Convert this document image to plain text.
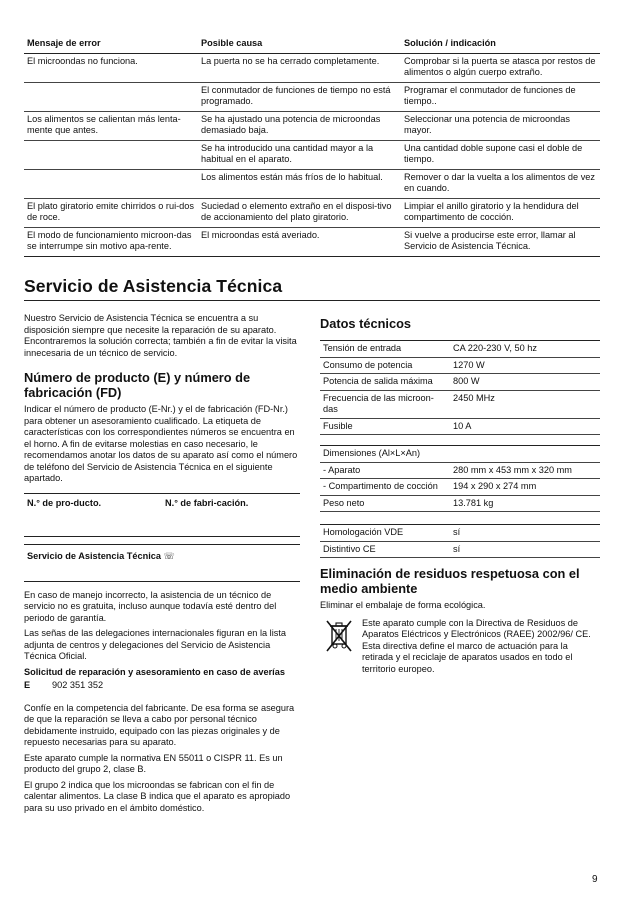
Mensaje de error	Posible causa	Solución / indicación
El microondas no funciona.	La puerta no se ha cerrado completamente.	Comprobar si la puerta se atasca por restos de alimentos o algún cuerpo extraño.
	El conmutador de funciones de tiempo no está programado.	Programar el conmutador de funciones de tiempo..
Los alimentos se calientan más lenta-mente que antes.	Se ha ajustado una potencia de microondas demasiado baja.	Seleccionar una potencia de microondas mayor.
	Se ha introducido una cantidad mayor a la habitual en el aparato.	Una cantidad doble supone casi el doble de tiempo.
	Los alimentos están más fríos de lo habitual.	Remover o dar la vuelta a los alimentos de vez en cuando.
El plato giratorio emite chirridos o rui-dos de roce.	Suciedad o elemento extraño en el disposi-tivo de accionamiento del plato giratorio.	Limpiar el anillo giratorio y la hendidura del compartimento de cocción.
El modo de funcionamiento microon-das se interrumpe sin motivo apa-rente.	El microondas está averiado.	Si vuelve a producirse este error, llamar al Servicio de Asistencia Técnica.
Servicio de Asistencia Técnica

Nuestro Servicio de Asistencia Técnica se encuentra a su disposición siempre que necesite la reparación de su aparato. Encontraremos la solución correcta; también a fin de evitar la visita innecesaria de un técnico de servicio.

Número de producto (E) y número de fabricación (FD)

Indicar el número de producto (E-Nr.) y el de fabricación (FD-Nr.) para obtener un asesoramiento cualificado. La etiqueta de características con los correspondientes números se encuentra en el horno. A fin de evitarse molestias en caso necesario, le recomendamos anotar los datos de su aparato así como el número de teléfono del Servicio de Asistencia Técnica en el siguiente apartado.

N.° de pro-ducto.	N.° de fabri-cación.
Servicio de Asistencia Técnica ☏

En caso de manejo incorrecto, la asistencia de un técnico de servicio no es gratuita, incluso aunque todavía esté dentro del periodo de garantía.

Las señas de las delegaciones internacionales figuran en la lista adjunta de centros y delegaciones del Servicio de Asistencia Técnica Oficial.

Solicitud de reparación y asesoramiento en caso de averías

E	902 351 352

Confíe en la competencia del fabricante. De esa forma se asegura de que la reparación se lleva a cabo por personal técnico debidamente instruido, equipado con las piezas originales y de repuesto necesarias para su aparato.

Este aparato cumple la normativa EN 55011 o CISPR 11. Es un producto del grupo 2, clase B.

El grupo 2 indica que los microondas se fabrican con el fin de calentar alimentos. La clase B indica que el aparato es apropiado para su uso privado en el ámbito doméstico.

Datos técnicos
Tensión de entrada	CA 220-230 V, 50 hz
Consumo de potencia	1270 W
Potencia de salida máxima	800 W
Frecuencia de las microon-das	2450 MHz
Fusible	10 A
Dimensiones (Al×L×An)	
- Aparato	280 mm x 453 mm x 320 mm
- Compartimento de cocción	194 x 290 x 274 mm
Peso neto	13.781 kg
Homologación VDE	sí
Distintivo CE	sí
Eliminación de residuos respetuosa con el medio ambiente

Eliminar el embalaje de forma ecológica.

Este aparato cumple con la Directiva de Residuos de Aparatos Eléctricos y Electrónicos (RAEE) 2002/96/ CE. Esta directiva define el marco de actuación para la retirada y el reciclaje de aparatos usados en todo el territorio europeo.
9
